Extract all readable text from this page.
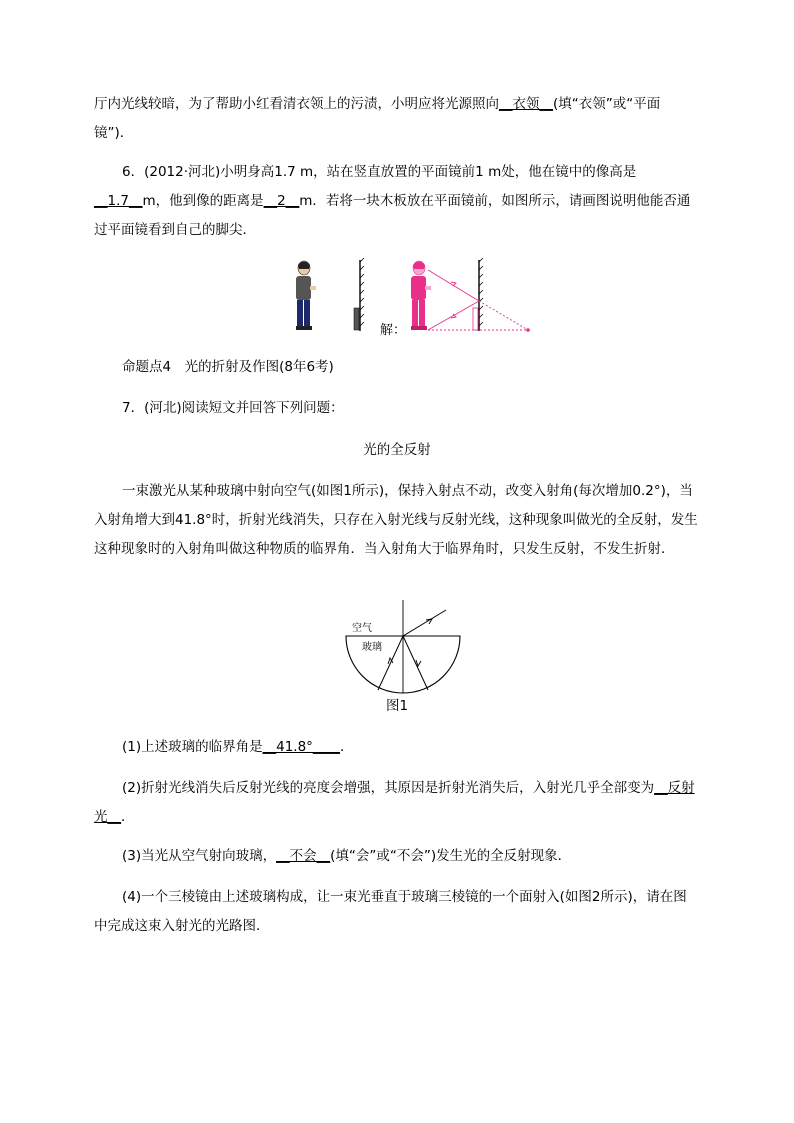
厅内光线较暗，为了帮助小红看清衣领上的污渍，小明应将光源照向__衣领__(填“衣领”或“平面镜”)．

6．(2012·河北)小明身高1.7 m，站在竖直放置的平面镜前1 m处，他在镜中的像高是__1.7__m，他到像的距离是__2__m．若将一块木板放在平面镜前，如图所示，请画图说明他能否通过平面镜看到自己的脚尖．

解：

命题点4　光的折射及作图(8年6考)

7．(河北)阅读短文并回答下列问题：

光的全反射

一束激光从某种玻璃中射向空气(如图1所示)，保持入射点不动，改变入射角(每次增加0.2°)，当入射角增大到41.8°时，折射光线消失，只存在入射光线与反射光线，这种现象叫做光的全反射，发生这种现象时的入射角叫做这种物质的临界角．当入射角大于临界角时，只发生反射，不发生折射．

空气
玻璃
图1

(1)上述玻璃的临界角是__41.8°____．

(2)折射光线消失后反射光线的亮度会增强，其原因是折射光消失后，入射光几乎全部变为__反射光__．

(3)当光从空气射向玻璃，__不会__(填“会”或“不会”)发生光的全反射现象．

(4)一个三棱镜由上述玻璃构成，让一束光垂直于玻璃三棱镜的一个面射入(如图2所示)，请在图中完成这束入射光的光路图．
